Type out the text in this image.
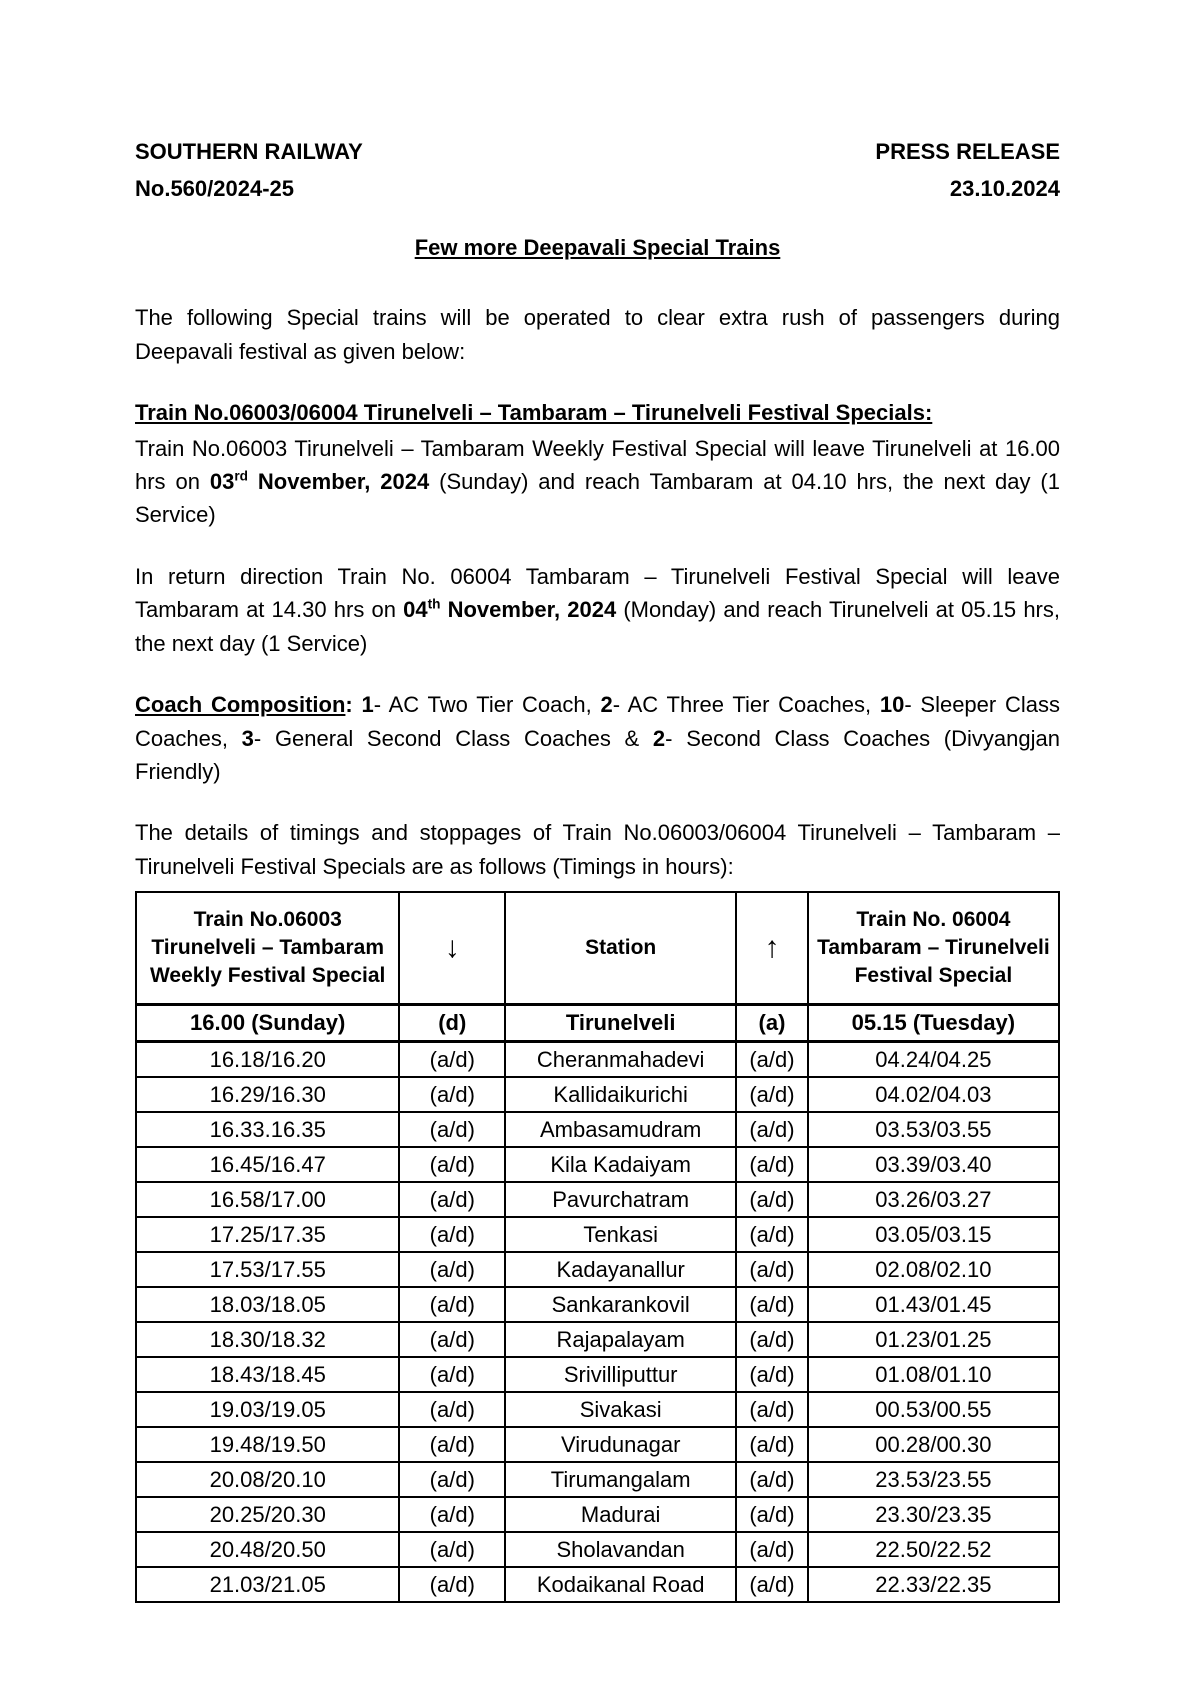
SOUTHERN RAILWAY	PRESS RELEASE
No.560/2024-25	23.10.2024
Few more Deepavali Special Trains

The following Special trains will be operated to clear extra rush of passengers during Deepavali festival as given below:

Train No.06003/06004 Tirunelveli – Tambaram – Tirunelveli Festival Specials:

Train No.06003 Tirunelveli – Tambaram Weekly Festival Special will leave Tirunelveli at 16.00 hrs on 03rd November, 2024 (Sunday) and reach Tambaram at 04.10 hrs, the next day (1 Service)

In return direction Train No. 06004 Tambaram – Tirunelveli Festival Special will leave Tambaram at 14.30 hrs on 04th November, 2024 (Monday) and reach Tirunelveli at 05.15 hrs, the next day (1 Service)

Coach Composition: 1- AC Two Tier Coach, 2- AC Three Tier Coaches, 10- Sleeper Class Coaches, 3- General Second Class Coaches & 2- Second Class Coaches (Divyangjan Friendly)

The details of timings and stoppages of Train No.06003/06004 Tirunelveli – Tambaram – Tirunelveli Festival Specials are as follows (Timings in hours):

Train No.06003 Tirunelveli – Tambaram Weekly Festival Special	↓	Station	↑	Train No. 06004 Tambaram – Tirunelveli Festival Special
16.00 (Sunday)	(d)	Tirunelveli	(a)	05.15 (Tuesday)
16.18/16.20	(a/d)	Cheranmahadevi	(a/d)	04.24/04.25
16.29/16.30	(a/d)	Kallidaikurichi	(a/d)	04.02/04.03
16.33.16.35	(a/d)	Ambasamudram	(a/d)	03.53/03.55
16.45/16.47	(a/d)	Kila Kadaiyam	(a/d)	03.39/03.40
16.58/17.00	(a/d)	Pavurchatram	(a/d)	03.26/03.27
17.25/17.35	(a/d)	Tenkasi	(a/d)	03.05/03.15
17.53/17.55	(a/d)	Kadayanallur	(a/d)	02.08/02.10
18.03/18.05	(a/d)	Sankarankovil	(a/d)	01.43/01.45
18.30/18.32	(a/d)	Rajapalayam	(a/d)	01.23/01.25
18.43/18.45	(a/d)	Srivilliputtur	(a/d)	01.08/01.10
19.03/19.05	(a/d)	Sivakasi	(a/d)	00.53/00.55
19.48/19.50	(a/d)	Virudunagar	(a/d)	00.28/00.30
20.08/20.10	(a/d)	Tirumangalam	(a/d)	23.53/23.55
20.25/20.30	(a/d)	Madurai	(a/d)	23.30/23.35
20.48/20.50	(a/d)	Sholavandan	(a/d)	22.50/22.52
21.03/21.05	(a/d)	Kodaikanal Road	(a/d)	22.33/22.35
